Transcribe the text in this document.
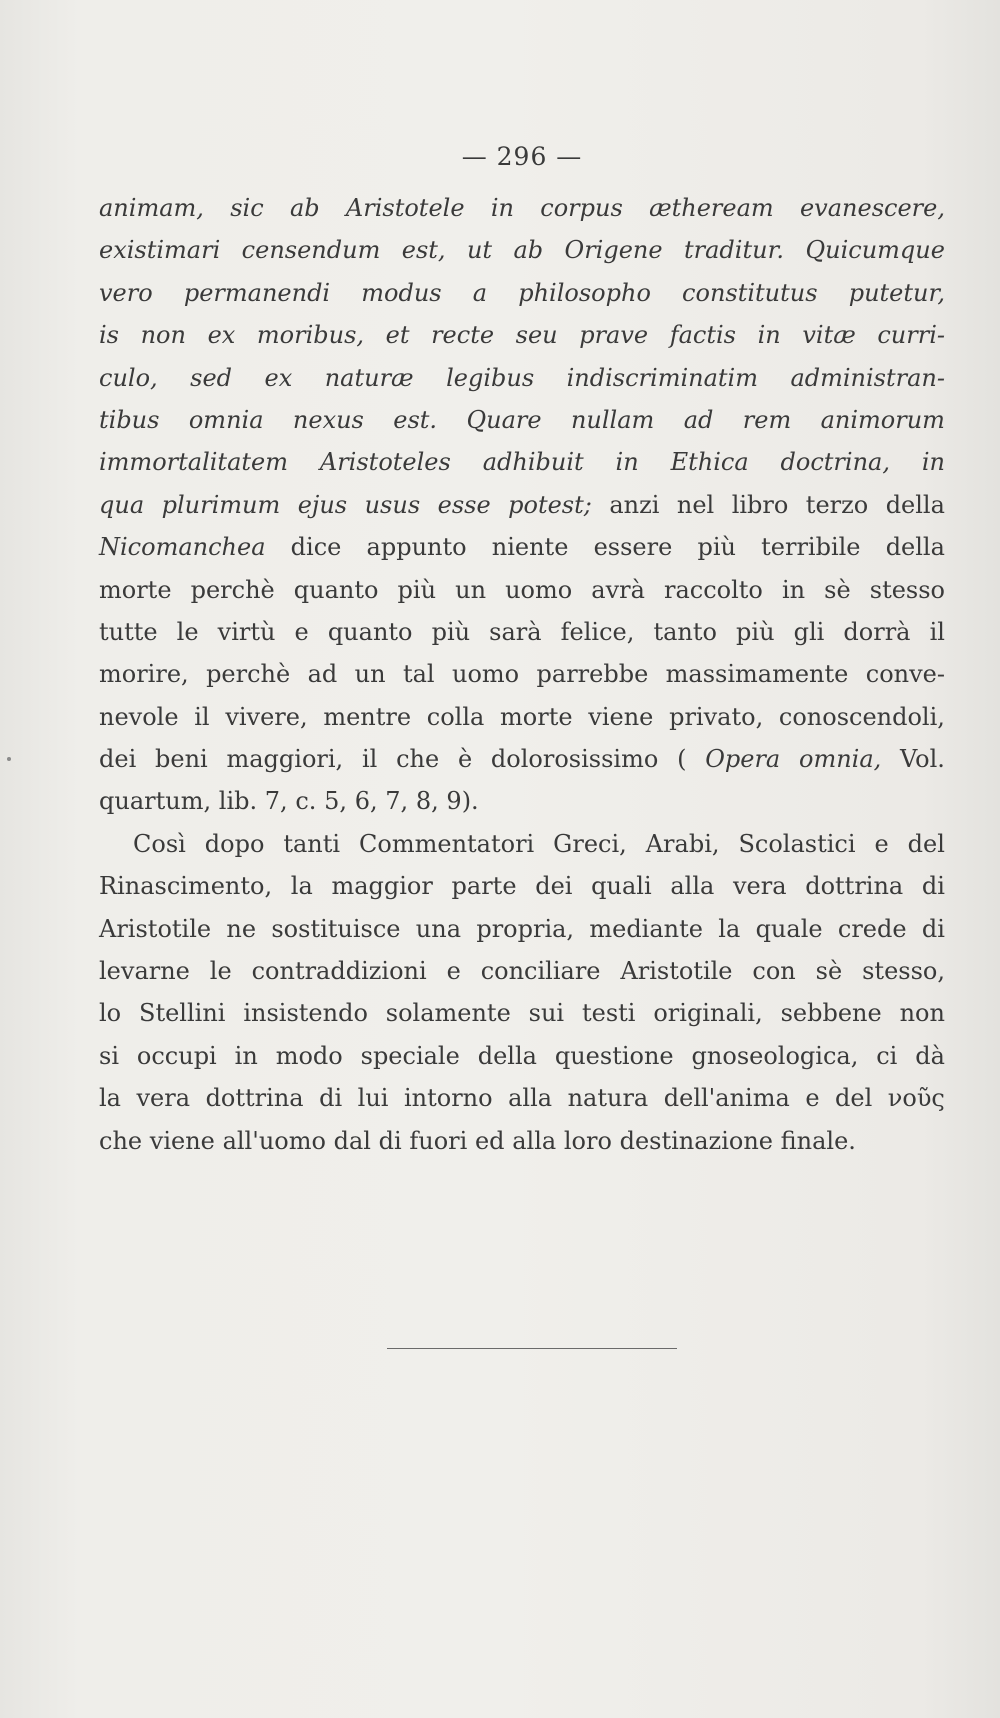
— 296 —
animam, sic ab Aristotele in corpus ætheream evanescere,
existimari censendum est, ut ab Origene traditur. Quicumque
vero permanendi modus a philosopho constitutus putetur,
is non ex moribus, et recte seu prave factis in vitæ curri-
culo, sed ex naturæ legibus indiscriminatim administran-
tibus omnia nexus est. Quare nullam ad rem animorum
immortalitatem Aristoteles adhibuit in Ethica doctrina, in
qua plurimum ejus usus esse potest; anzi nel libro terzo della
Nicomanchea dice appunto niente essere più terribile della
morte perchè quanto più un uomo avrà raccolto in sè stesso
tutte le virtù e quanto più sarà felice, tanto più gli dorrà il
morire, perchè ad un tal uomo parrebbe massimamente conve-
nevole il vivere, mentre colla morte viene privato, conoscendoli,
dei beni maggiori, il che è dolorosissimo ( Opera omnia, Vol.
quartum, lib. 7, c. 5, 6, 7, 8, 9).
Così dopo tanti Commentatori Greci, Arabi, Scolastici e del
Rinascimento, la maggior parte dei quali alla vera dottrina di
Aristotile ne sostituisce una propria, mediante la quale crede di
levarne le contraddizioni e conciliare Aristotile con sè stesso,
lo Stellini insistendo solamente sui testi originali, sebbene non
si occupi in modo speciale della questione gnoseologica, ci dà
la vera dottrina di lui intorno alla natura dell'anima e del νοῦς
che viene all'uomo dal di fuori ed alla loro destinazione finale.
